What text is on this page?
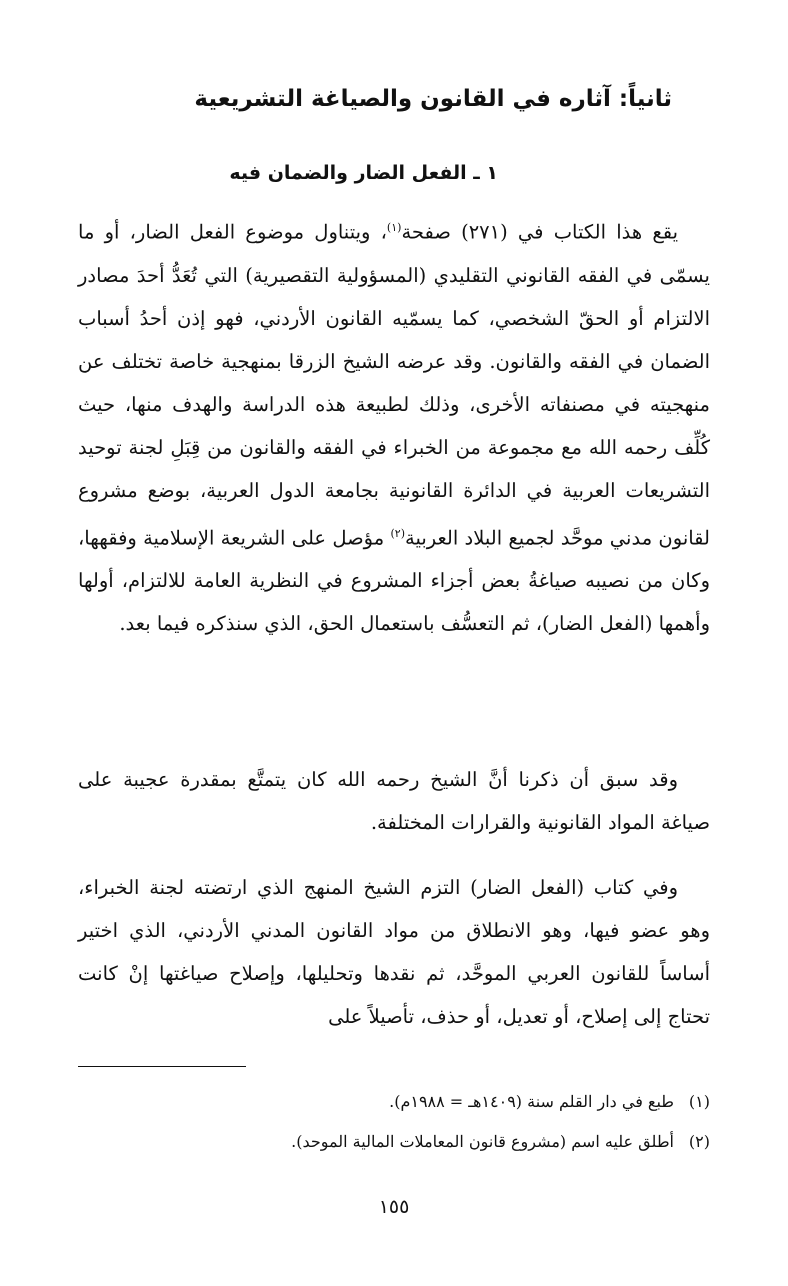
ثانياً: آثاره في القانون والصياغة التشريعية
١ ـ الفعل الضار والضمان فيه

يقع هذا الكتاب في (٢٧١) صفحة$^{(١)}$، ويتناول موضوع الفعل الضار، أو ما يسمّى في الفقه القانوني التقليدي (المسؤولية التقصيرية) التي تُعَدُّ أحدَ مصادر الالتزام أو الحقّ الشخصي، كما يسمّيه القانون الأردني، فهو إذن أحدُ أسباب الضمان في الفقه والقانون. وقد عرضه الشيخ الزرقا بمنهجية خاصة تختلف عن منهجيته في مصنفاته الأخرى، وذلك لطبيعة هذه الدراسة والهدف منها، حيث كُلِّف رحمه الله مع مجموعة من الخبراء في الفقه والقانون من قِبَلِ لجنة توحيد التشريعات العربية في الدائرة القانونية بجامعة الدول العربية، بوضع مشروع لقانون مدني موحَّد لجميع البلاد العربية$^{(٢)}$ مؤصل على الشريعة الإسلامية وفقهها، وكان من نصيبه صياغةُ بعض أجزاء المشروع في النظرية العامة للالتزام، أولها وأهمها (الفعل الضار)، ثم التعسُّف باستعمال الحق، الذي سنذكره فيما بعد.

وقد سبق أن ذكرنا أنَّ الشيخ رحمه الله كان يتمتَّع بمقدرة عجيبة على صياغة المواد القانونية والقرارات المختلفة.

وفي كتاب (الفعل الضار) التزم الشيخ المنهج الذي ارتضته لجنة الخبراء، وهو عضو فيها، وهو الانطلاق من مواد القانون المدني الأردني، الذي اختير أساساً للقانون العربي الموحَّد، ثم نقدها وتحليلها، وإصلاح صياغتها إنْ كانت تحتاج إلى إصلاح، أو تعديل، أو حذف، تأصيلاً على

(١)طبع في دار القلم سنة (١٤٠٩هـ = ١٩٨٨م).
(٢)أطلق عليه اسم (مشروع قانون المعاملات المالية الموحد).
١٥٥
